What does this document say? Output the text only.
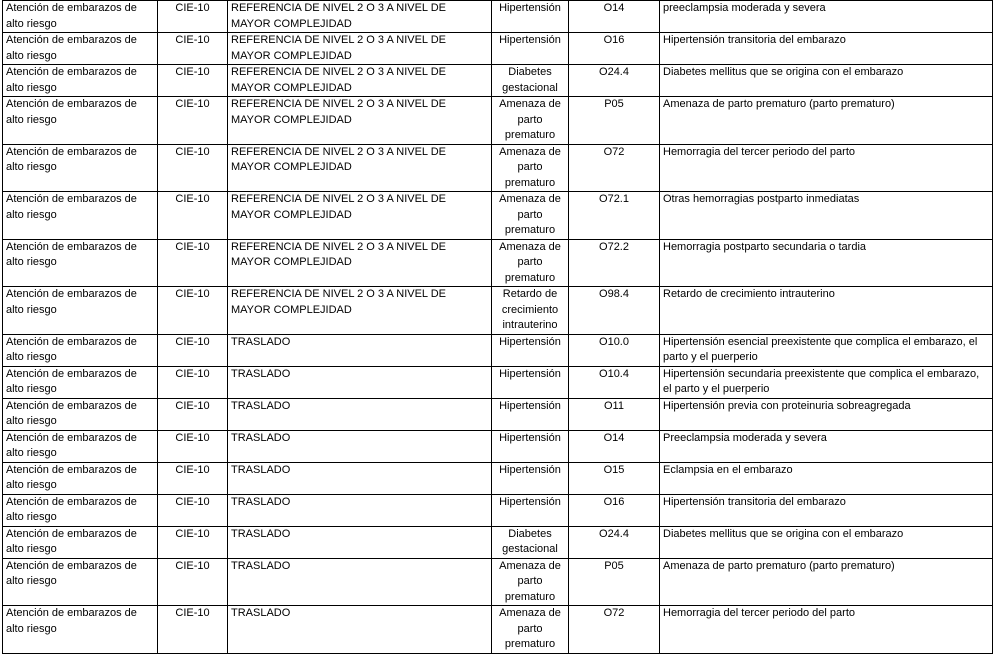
Atención de embarazos de alto riesgo	CIE-10	REFERENCIA DE NIVEL 2 O 3 A NIVEL DE MAYOR COMPLEJIDAD	Hipertensión	O14	preeclampsia moderada y severa
Atención de embarazos de alto riesgo	CIE-10	REFERENCIA DE NIVEL 2 O 3 A NIVEL DE MAYOR COMPLEJIDAD	Hipertensión	O16	Hipertensión transitoria del embarazo
Atención de embarazos de alto riesgo	CIE-10	REFERENCIA DE NIVEL 2 O 3 A NIVEL DE MAYOR COMPLEJIDAD	Diabetes gestacional	O24.4	Diabetes mellitus que se origina con el embarazo
Atención de embarazos de alto riesgo	CIE-10	REFERENCIA DE NIVEL 2 O 3 A NIVEL DE MAYOR COMPLEJIDAD	Amenaza de parto prematuro	P05	Amenaza de parto prematuro (parto prematuro)
Atención de embarazos de alto riesgo	CIE-10	REFERENCIA DE NIVEL 2 O 3 A NIVEL DE MAYOR COMPLEJIDAD	Amenaza de parto prematuro	O72	Hemorragia del tercer periodo del parto
Atención de embarazos de alto riesgo	CIE-10	REFERENCIA DE NIVEL 2 O 3 A NIVEL DE MAYOR COMPLEJIDAD	Amenaza de parto prematuro	O72.1	Otras hemorragias postparto inmediatas
Atención de embarazos de alto riesgo	CIE-10	REFERENCIA DE NIVEL 2 O 3 A NIVEL DE MAYOR COMPLEJIDAD	Amenaza de parto prematuro	O72.2	Hemorragia postparto secundaria o tardia
Atención de embarazos de alto riesgo	CIE-10	REFERENCIA DE NIVEL 2 O 3 A NIVEL DE MAYOR COMPLEJIDAD	Retardo de crecimiento intrauterino	O98.4	Retardo de crecimiento intrauterino
Atención de embarazos de alto riesgo	CIE-10	TRASLADO	Hipertensión	O10.0	Hipertensión esencial preexistente que complica el embarazo, el parto y el puerperio
Atención de embarazos de alto riesgo	CIE-10	TRASLADO	Hipertensión	O10.4	Hipertensión secundaria preexistente que complica el embarazo, el parto y el puerperio
Atención de embarazos de alto riesgo	CIE-10	TRASLADO	Hipertensión	O11	Hipertensión previa con proteinuria sobreagregada
Atención de embarazos de alto riesgo	CIE-10	TRASLADO	Hipertensión	O14	Preeclampsia moderada y severa
Atención de embarazos de alto riesgo	CIE-10	TRASLADO	Hipertensión	O15	Eclampsia en el embarazo
Atención de embarazos de alto riesgo	CIE-10	TRASLADO	Hipertensión	O16	Hipertensión transitoria del embarazo
Atención de embarazos de alto riesgo	CIE-10	TRASLADO	Diabetes gestacional	O24.4	Diabetes mellitus que se origina con el embarazo
Atención de embarazos de alto riesgo	CIE-10	TRASLADO	Amenaza de parto prematuro	P05	Amenaza de parto prematuro (parto prematuro)
Atención de embarazos de alto riesgo	CIE-10	TRASLADO	Amenaza de parto prematuro	O72	Hemorragia del tercer periodo del parto
